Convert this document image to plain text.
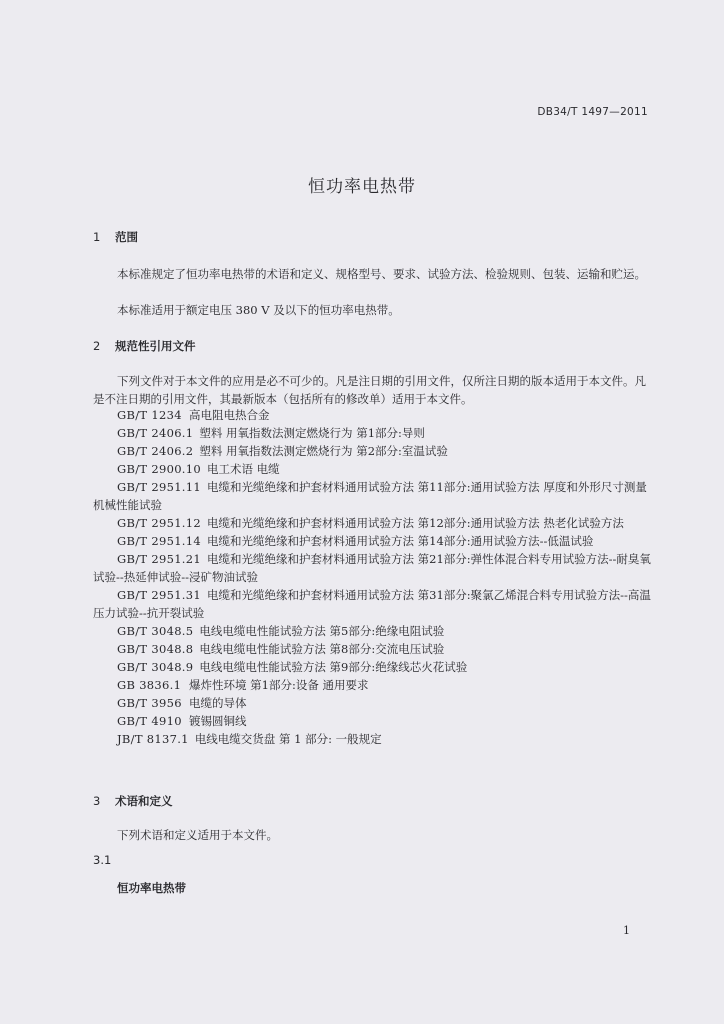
DB34/T 1497—2011
恒功率电热带
1 范围

本标准规定了恒功率电热带的术语和定义、规格型号、要求、试验方法、检验规则、包装、运输和贮运。

本标准适用于额定电压 380 V 及以下的恒功率电热带。

2 规范性引用文件

下列文件对于本文件的应用是必不可少的。凡是注日期的引用文件，仅所注日期的版本适用于本文件。凡是不注日期的引用文件，其最新版本（包括所有的修改单）适用于本文件。

GB/T 1234 高电阻电热合金
GB/T 2406.1 塑料 用氧指数法测定燃烧行为 第1部分:导则
GB/T 2406.2 塑料 用氧指数法测定燃烧行为 第2部分:室温试验
GB/T 2900.10 电工术语 电缆
GB/T 2951.11 电缆和光缆绝缘和护套材料通用试验方法 第11部分:通用试验方法 厚度和外形尺寸测量 机械性能试验
GB/T 2951.12 电缆和光缆绝缘和护套材料通用试验方法 第12部分:通用试验方法 热老化试验方法
GB/T 2951.14 电缆和光缆绝缘和护套材料通用试验方法 第14部分:通用试验方法--低温试验
GB/T 2951.21 电缆和光缆绝缘和护套材料通用试验方法 第21部分:弹性体混合料专用试验方法--耐臭氧试验--热延伸试验--浸矿物油试验
GB/T 2951.31 电缆和光缆绝缘和护套材料通用试验方法 第31部分:聚氯乙烯混合料专用试验方法--高温压力试验--抗开裂试验
GB/T 3048.5 电线电缆电性能试验方法 第5部分:绝缘电阻试验
GB/T 3048.8 电线电缆电性能试验方法 第8部分:交流电压试验
GB/T 3048.9 电线电缆电性能试验方法 第9部分:绝缘线芯火花试验
GB 3836.1 爆炸性环境 第1部分:设备 通用要求
GB/T 3956 电缆的导体
GB/T 4910 镀锡圆铜线
JB/T 8137.1 电线电缆交货盘 第 1 部分: 一般规定
3 术语和定义

下列术语和定义适用于本文件。

3.1
恒功率电热带
1
